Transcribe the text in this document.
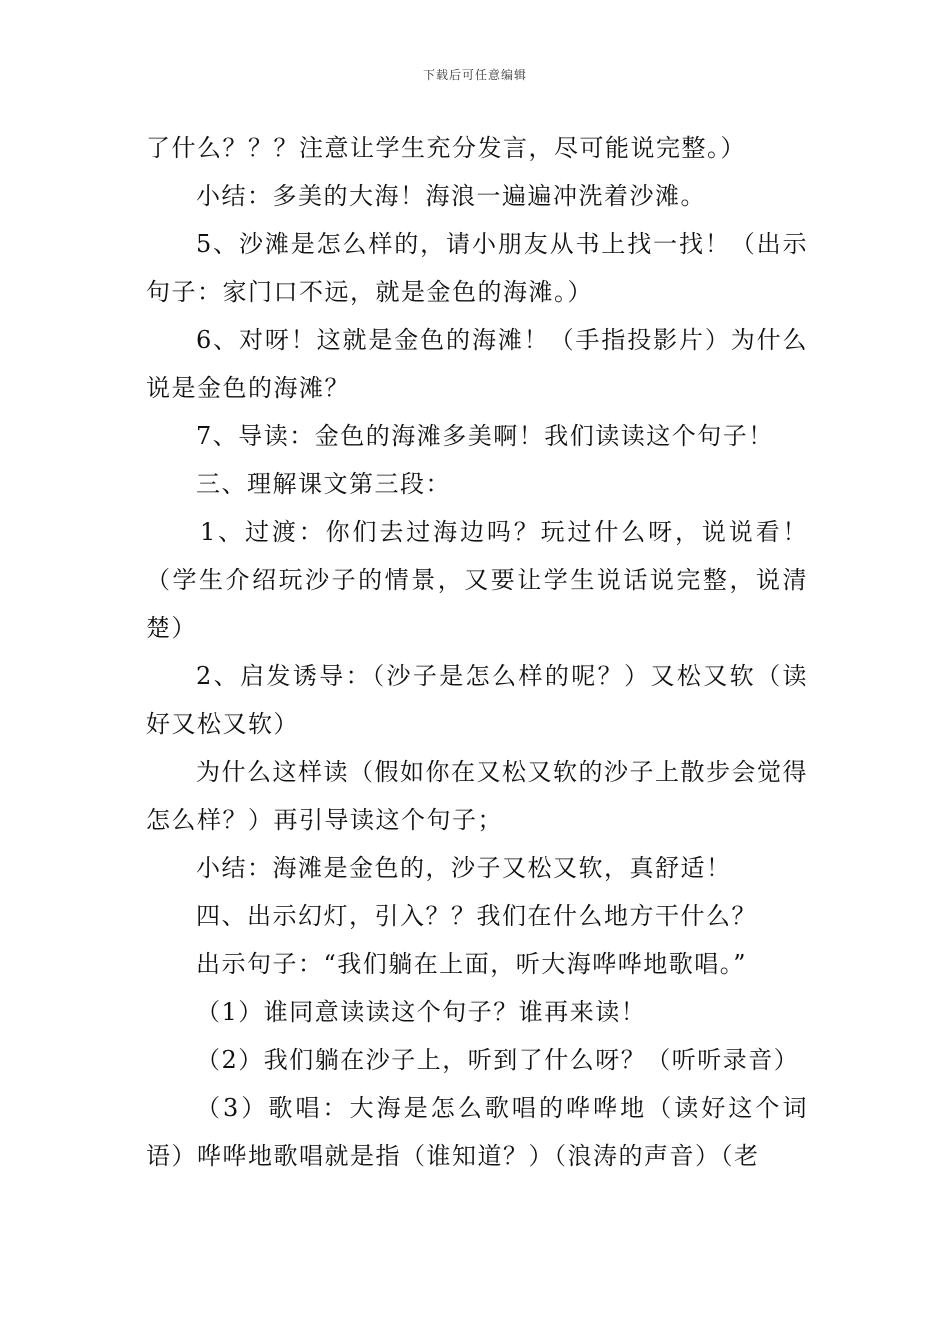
下载后可任意编辑

了什么？？？注意让学生充分发言，尽可能说完整。）

小结：多美的大海！海浪一遍遍冲洗着沙滩。

5、沙滩是怎么样的，请小朋友从书上找一找！（出示句子：家门口不远，就是金色的海滩。）

6、对呀！这就是金色的海滩！（手指投影片）为什么说是金色的海滩？

7、导读：金色的海滩多美啊！我们读读这个句子！

三、理解课文第三段：

1、过渡：你们去过海边吗？玩过什么呀，说说看！（学生介绍玩沙子的情景，又要让学生说话说完整，说清楚）

2、启发诱导：（沙子是怎么样的呢？）又松又软（读好又松又软）

为什么这样读（假如你在又松又软的沙子上散步会觉得怎么样？）再引导读这个句子；

小结：海滩是金色的，沙子又松又软，真舒适！

四、出示幻灯，引入？？我们在什么地方干什么？

出示句子：“我们躺在上面，听大海哗哗地歌唱。”

（1）谁同意读读这个句子？谁再来读！

（2）我们躺在沙子上，听到了什么呀？（听听录音）

（3）歌唱：大海是怎么歌唱的哗哗地（读好这个词语）哗哗地歌唱就是指（谁知道？）（浪涛的声音）（老
